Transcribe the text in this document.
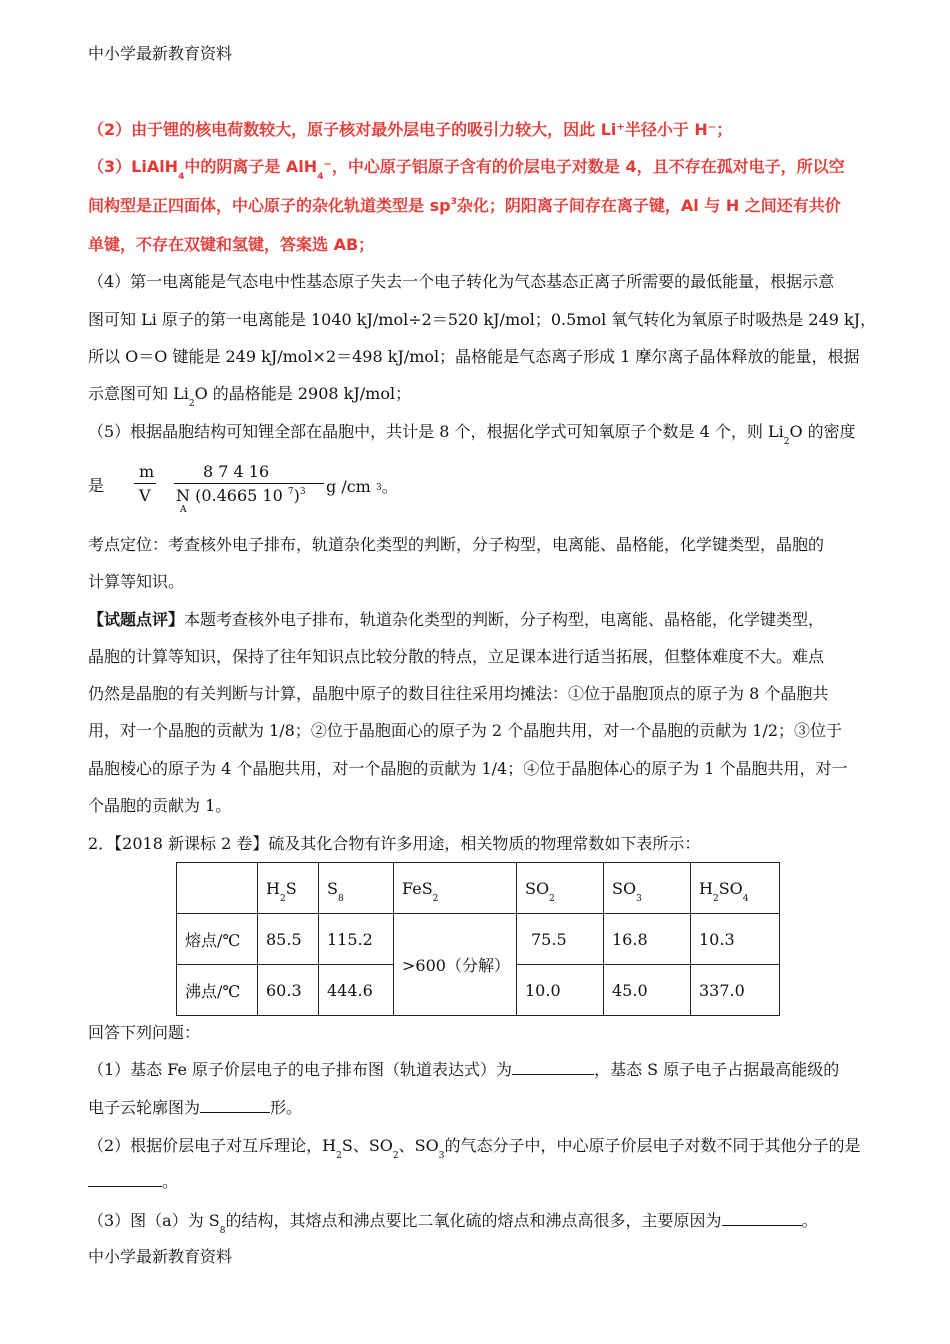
中小学最新教育资料
（2）由于锂的核电荷数较大，原子核对最外层电子的吸引力较大，因此 Li⁺半径小于 H⁻；
（3）LiAlH$_4$中的阴离子是 AlH$_4$⁻，中心原子铝原子含有的价层电子对数是 4，且不存在孤对电子，所以空
间构型是正四面体，中心原子的杂化轨道类型是 $sp^3$杂化；阴阳离子间存在离子键，Al 与 H 之间还有共价
单键，不存在双键和氢键，答案选 AB；
（4）第一电离能是气态电中性基态原子失去一个电子转化为气态基态正离子所需要的最低能量，根据示意
图可知 Li 原子的第一电离能是 1040 kJ/mol÷2＝520 kJ/mol；0.5mol 氧气转化为氧原子时吸热是 249 kJ，
所以 O＝O 键能是 249 kJ/mol×2＝498 kJ/mol；晶格能是气态离子形成 1 摩尔离子晶体释放的能量，根据
示意图可知 $Li_2O$ 的晶格能是 2908 kJ/mol；
（5）根据晶胞结构可知锂全部在晶胞中，共计是 8 个，根据化学式可知氧原子个数是 4 个，则 $Li_2O$ 的密度
是
m
V
8 7 4 16
N (0.4665 10 $^7$)$^3$
A
g /cm 3。
考点定位：考查核外电子排布，轨道杂化类型的判断，分子构型，电离能、晶格能，化学键类型，晶胞的
计算等知识。
【试题点评】本题考查核外电子排布，轨道杂化类型的判断，分子构型，电离能、晶格能，化学键类型，
晶胞的计算等知识，保持了往年知识点比较分散的特点，立足课本进行适当拓展，但整体难度不大。难点
仍然是晶胞的有关判断与计算，晶胞中原子的数目往往采用均摊法：①位于晶胞顶点的原子为 8 个晶胞共
用，对一个晶胞的贡献为 1/8；②位于晶胞面心的原子为 2 个晶胞共用，对一个晶胞的贡献为 1/2；③位于
晶胞棱心的原子为 4 个晶胞共用，对一个晶胞的贡献为 1/4；④位于晶胞体心的原子为 1 个晶胞共用，对一
个晶胞的贡献为 1。
2．【2018 新课标 2 卷】硫及其化合物有许多用途，相关物质的物理常数如下表所示：
	$H_2S$	$S_8$	FeS$_2$	$SO_2$	$SO_3$	$H_2SO_4$
熔点/℃	85.5	115.2	>600（分解）	75.5	16.8	10.3
沸点/℃	60.3	444.6		10.0	45.0	337.0
回答下列问题：
（1）基态 Fe 原子价层电子的电子排布图（轨道表达式）为	，基态 S 原子电子占据最高能级的
电子云轮廓图为	形。
（2）根据价层电子对互斥理论，$H_2S$、$SO_2$、$SO_3$的气态分子中，中心原子价层电子对数不同于其他分子的是
。
（3）图（a）为 $S_8$的结构，其熔点和沸点要比二氧化硫的熔点和沸点高很多，主要原因为	。
中小学最新教育资料
